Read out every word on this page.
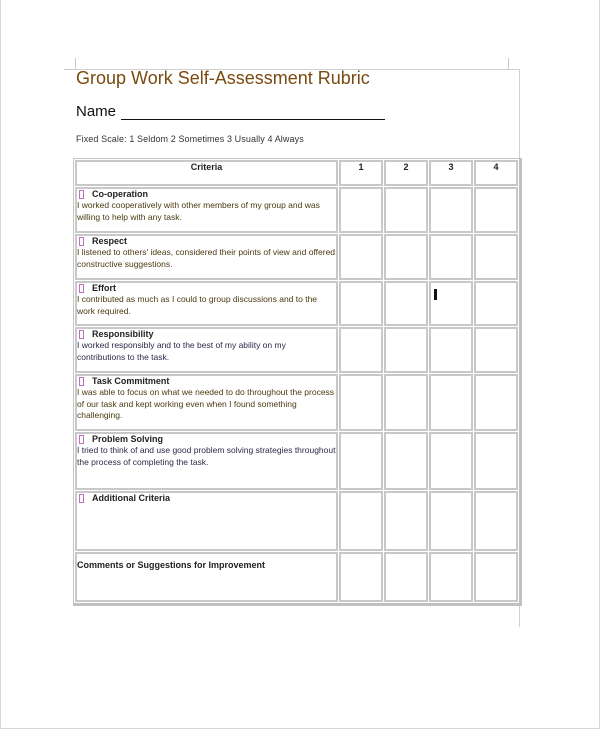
Group Work Self-Assessment Rubric
Name
Fixed Scale: 1 Seldom 2 Sometimes 3 Usually 4 Always
Criteria	1	2	3	4

Co-operation
I worked cooperatively with other members of my group and was willing to help with any task.				

Respect
I listened to others' ideas, considered their points of view and offered constructive suggestions.				

Effort
I contributed as much as I could to group discussions and to the work required.				

Responsibility
I worked responsibly and to the best of my ability on my contributions to the task.				

Task Commitment
I was able to focus on what we needed to do throughout the process of our task and kept working even when I found something challenging.				

Problem Solving
I tried to think of and use good problem solving strategies throughout the process of completing the task.				

Additional Criteria				

Comments or Suggestions for Improvement				
